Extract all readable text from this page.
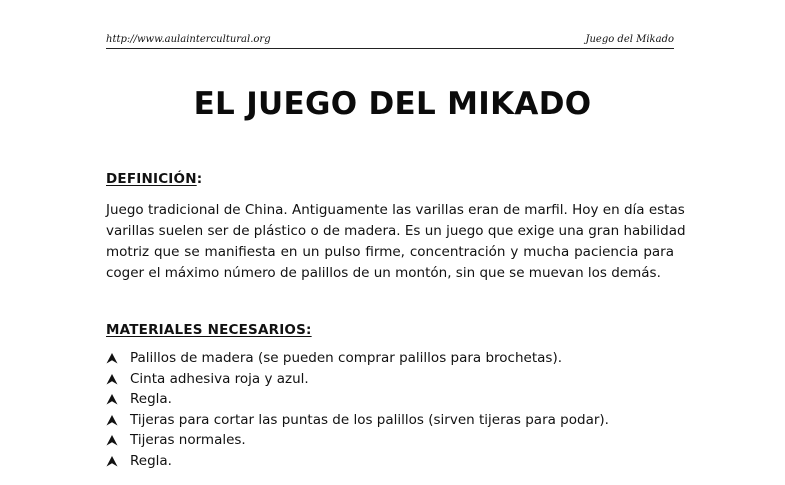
http://www.aulaintercultural.org	Juego del Mikado
EL JUEGO DEL MIKADO
DEFINICIÓN:
Juego tradicional de China. Antiguamente las varillas eran de marfil. Hoy en día estas
varillas suelen ser de plástico o de madera. Es un juego que exige una gran habilidad
motriz que se manifiesta en un pulso firme, concentración y mucha paciencia para
coger el máximo número de palillos de un montón, sin que se muevan los demás.
MATERIALES NECESARIOS:
Palillos de madera (se pueden comprar palillos para brochetas).
Cinta adhesiva roja y azul.
Regla.
Tijeras para cortar las puntas de los palillos (sirven tijeras para podar).
Tijeras normales.
Regla.
